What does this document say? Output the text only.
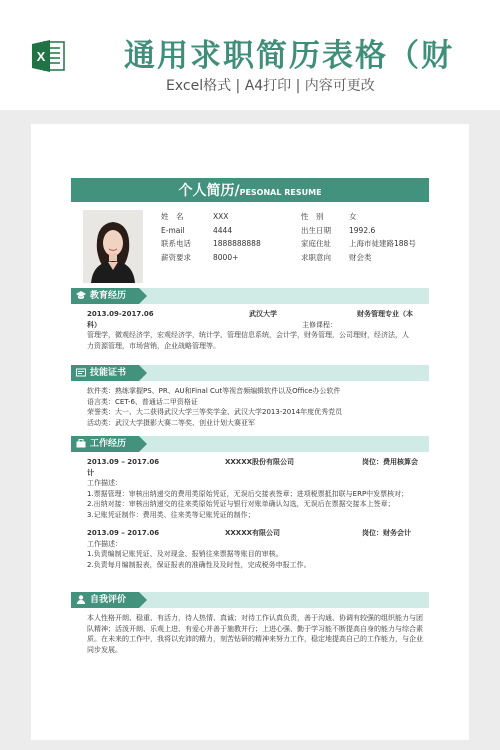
X	通用求职简历表格（财
Excel格式 | A4打印 | 内容可更改
个人简历/PESONAL RESUME
姓　名	XXX	性　别	女
E-mail	4444	出生日期	1992.6
联系电话	1888888888	家庭住址	上海市徒建路188号
薪资要求	8000+	求职意向	财会类
教育经历
2013.09-2017.06	武汉大学	财务管理专业（本
科）	主修课程：

管理学，微观经济学，宏观经济学，统计学，管理信息系统，会计学，财务管理，公司理财，经济法，人力资源管理，市场营销，企业战略管理等。

技能证书

软件类：熟练掌握PS、PR、AU和Final Cut等视音频编辑软件以及Office办公软件

语言类：CET-6、普通话二甲资格证

荣誉类：大一、大二获得武汉大学三等奖学金、武汉大学2013-2014年度优秀党员

活动类：武汉大学摄影大赛二等奖、创业计划大赛亚军

工作经历
2013.09 – 2017.06	XXXXX股份有限公司	岗位：费用核算会
计

工作描述：

1.票据管理：审核出纳递交的费用类原始凭证，无误后交接表签章；进项税票抵扣联与ERP中发票核对；

2.出纳对接：审核出纳递交的往来类原始凭证与银行对账单确认勾选，无误后在票据交接本上签章；

3.记账凭证制作：费用类、往来类等记账凭证的制作；

2013.09 – 2017.06	XXXXX有限公司	岗位：财务会计

工作描述：

1.负责编制记账凭证、及对现金、报销往来票据等账目的审核。

2.负责每月编制报表，保证报表的准确性及及时性，完成税务申报工作。

自我评价

本人性格开朗、稳重、有活力，待人热情、真诚；对待工作认真负责，善于沟通、协调有较强的组织能力与团队精神；活泼开朗、乐观上进、有爱心并善于施教并行；上进心强、勤于学习能不断提高自身的能力与综合素质。在未来的工作中，我将以充沛的精力，刻苦钻研的精神来努力工作，稳定地提高自己的工作能力，与企业同步发展。
